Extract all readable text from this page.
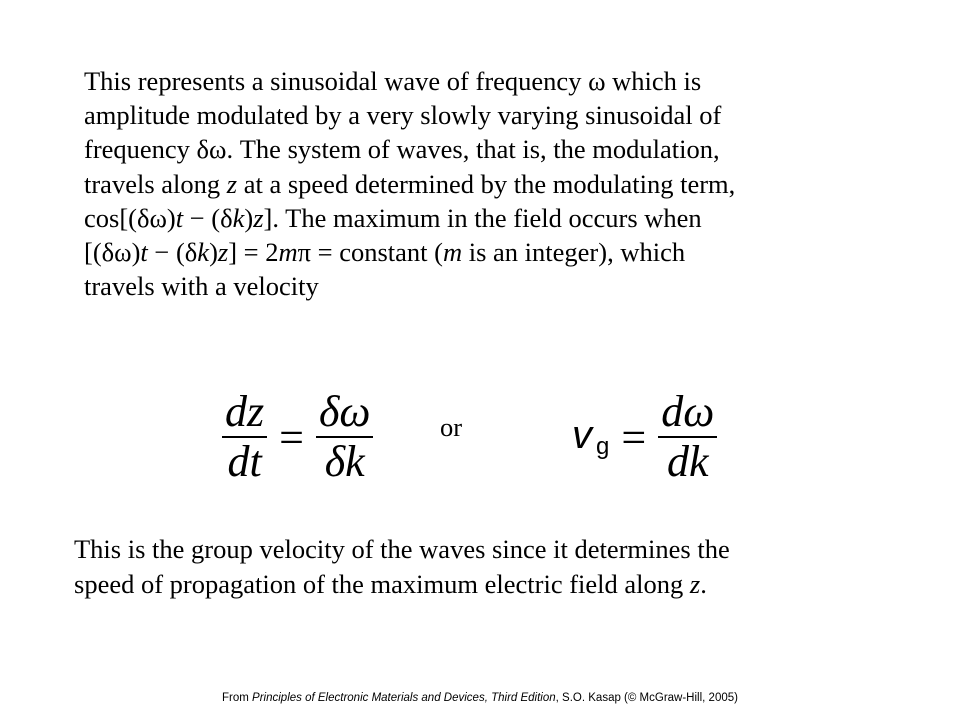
This represents a sinusoidal wave of frequency ω which is
amplitude modulated by a very slowly varying sinusoidal of
frequency δω. The system of waves, that is, the modulation,
travels along z at a speed determined by the modulating term,
cos[(δω)t − (δk)z]. The maximum in the field occurs when
[(δω)t − (δk)z] = 2mπ = constant (m is an integer), which
travels with a velocity
$\frac{dz}{dt} = \frac{\delta\omega}{\delta k}$	or	v $_g = \frac{d\omega}{dk}$
This is the group velocity of the waves since it determines the
speed of propagation of the maximum electric field along z.
From Principles of Electronic Materials and Devices, Third Edition, S.O. Kasap (© McGraw-Hill, 2005)
